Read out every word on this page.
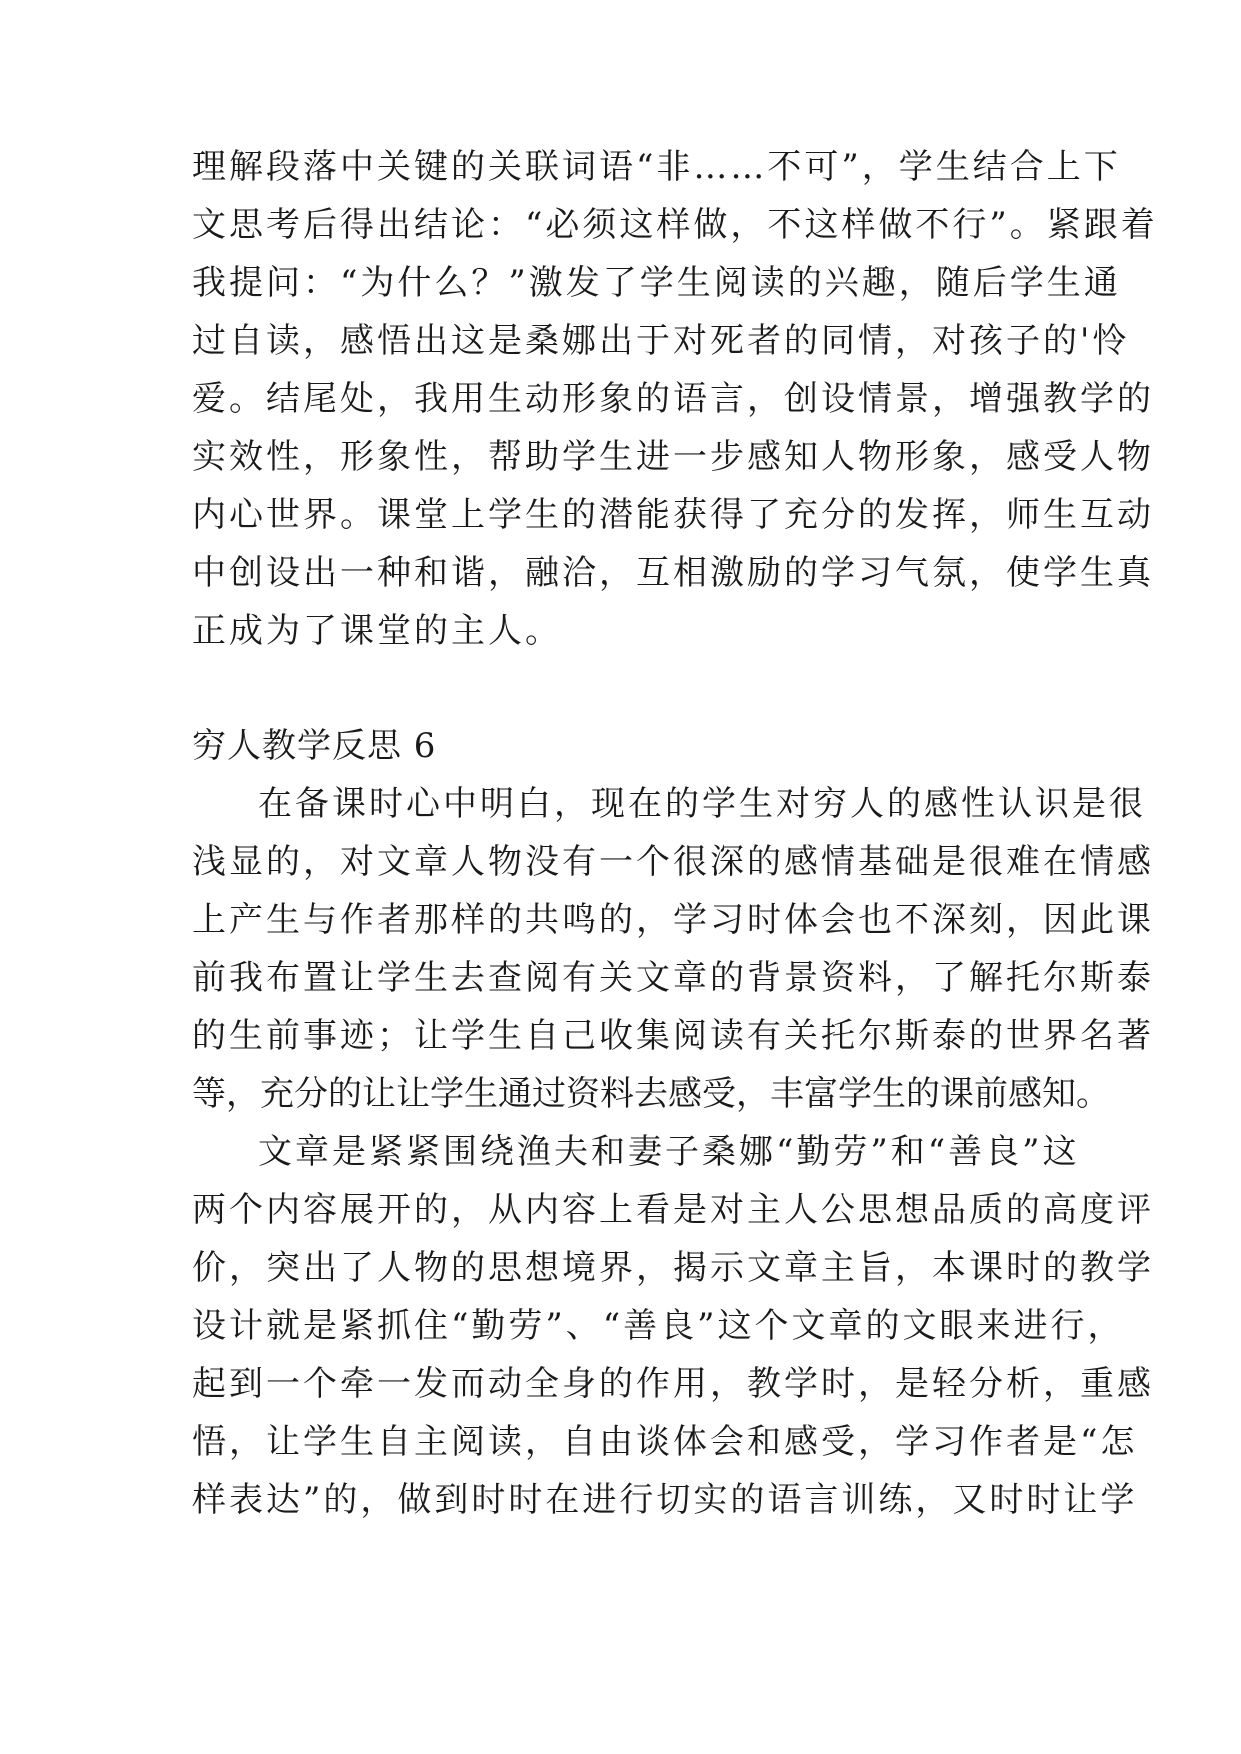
理解段落中关键的关联词语“非……不可”，学生结合上下
文思考后得出结论：“必须这样做，不这样做不行”。紧跟着
我提问：“为什么？”激发了学生阅读的兴趣，随后学生通
过自读，感悟出这是桑娜出于对死者的同情，对孩子的'怜
爱。结尾处，我用生动形象的语言，创设情景，增强教学的
实效性，形象性，帮助学生进一步感知人物形象，感受人物
内心世界。课堂上学生的潜能获得了充分的发挥，师生互动
中创设出一种和谐，融洽，互相激励的学习气氛，使学生真
正成为了课堂的主人。
穷人教学反思 6
在备课时心中明白，现在的学生对穷人的感性认识是很
浅显的，对文章人物没有一个很深的感情基础是很难在情感
上产生与作者那样的共鸣的，学习时体会也不深刻，因此课
前我布置让学生去查阅有关文章的背景资料，了解托尔斯泰
的生前事迹；让学生自己收集阅读有关托尔斯泰的世界名著
等，充分的让让学生通过资料去感受，丰富学生的课前感知。
文章是紧紧围绕渔夫和妻子桑娜“勤劳”和“善良”这
两个内容展开的，从内容上看是对主人公思想品质的高度评
价，突出了人物的思想境界，揭示文章主旨，本课时的教学
设计就是紧抓住“勤劳”、“善良”这个文章的文眼来进行，
起到一个牵一发而动全身的作用，教学时，是轻分析，重感
悟，让学生自主阅读，自由谈体会和感受，学习作者是“怎
样表达”的，做到时时在进行切实的语言训练，又时时让学
